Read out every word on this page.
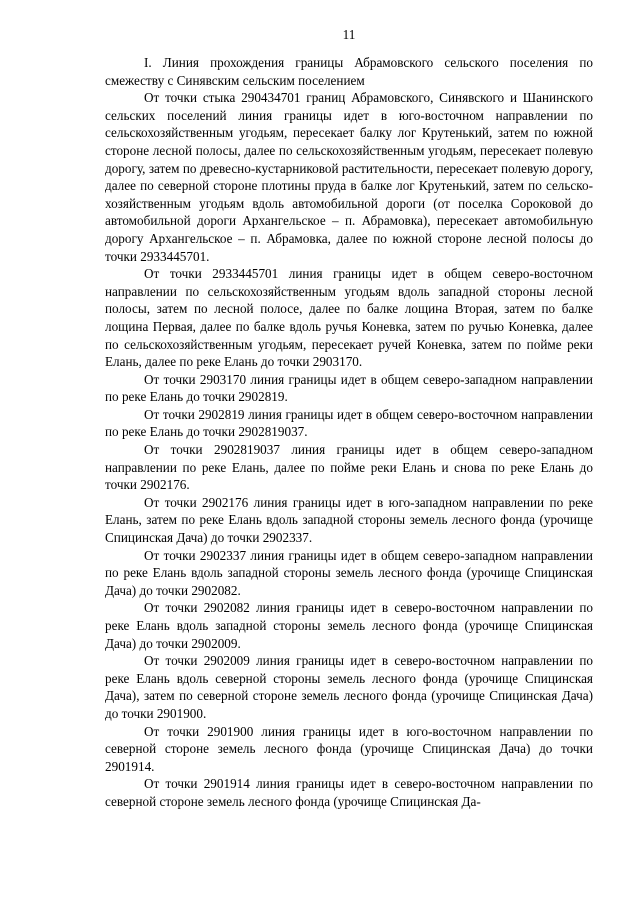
11

I. Линия прохождения границы Абрамовского сельского поселения по смежеству с Синявским сельским поселением

От точки стыка 290434701 границ Абрамовского, Синявского и Шанинского сельских поселений линия границы идет в юго-восточном направлении по сельскохозяйственным угодьям, пересекает балку лог Крутенький, затем по южной стороне лесной полосы, далее по сельскохозяйственным угодьям, пересекает полевую дорогу, затем по древесно-кустарниковой растительности, пересекает полевую дорогу, далее по северной стороне плотины пруда в балке лог Крутенький, затем по сельскохозяйственным угодьям вдоль автомобильной дороги (от поселка Сороковой до автомобильной дороги Архангельское – п. Абрамовка), пересекает автомобильную дорогу Архангельское – п. Абрамовка, далее по южной стороне лесной полосы до точки 2933445701.

От точки 2933445701 линия границы идет в общем северо-восточном направлении по сельскохозяйственным угодьям вдоль западной стороны лесной полосы, затем по лесной полосе, далее по балке лощина Вторая, затем по балке лощина Первая, далее по балке вдоль ручья Коневка, затем по ручью Коневка, далее по сельскохозяйственным угодьям, пересекает ручей Коневка, затем по пойме реки Елань, далее по реке Елань до точки 2903170.

От точки 2903170 линия границы идет в общем северо-западном направлении по реке Елань до точки 2902819.

От точки 2902819 линия границы идет в общем северо-восточном направлении по реке Елань до точки 2902819037.

От точки 2902819037 линия границы идет в общем северо-западном направлении по реке Елань, далее по пойме реки Елань и снова по реке Елань до точки 2902176.

От точки 2902176 линия границы идет в юго-западном направлении по реке Елань, затем по реке Елань вдоль западной стороны земель лесного фонда (урочище Спицинская Дача) до точки 2902337.

От точки 2902337 линия границы идет в общем северо-западном направлении по реке Елань вдоль западной стороны земель лесного фонда (урочище Спицинская Дача) до точки 2902082.

От точки 2902082 линия границы идет в северо-восточном направлении по реке Елань вдоль западной стороны земель лесного фонда (урочище Спицинская Дача) до точки 2902009.

От точки 2902009 линия границы идет в северо-восточном направлении по реке Елань вдоль северной стороны земель лесного фонда (урочище Спицинская Дача), затем по северной стороне земель лесного фонда (урочище Спицинская Дача) до точки 2901900.

От точки 2901900 линия границы идет в юго-восточном направлении по северной стороне земель лесного фонда (урочище Спицинская Дача) до точки 2901914.

От точки 2901914 линия границы идет в северо-восточном направлении по северной стороне земель лесного фонда (урочище Спицинская Да-
